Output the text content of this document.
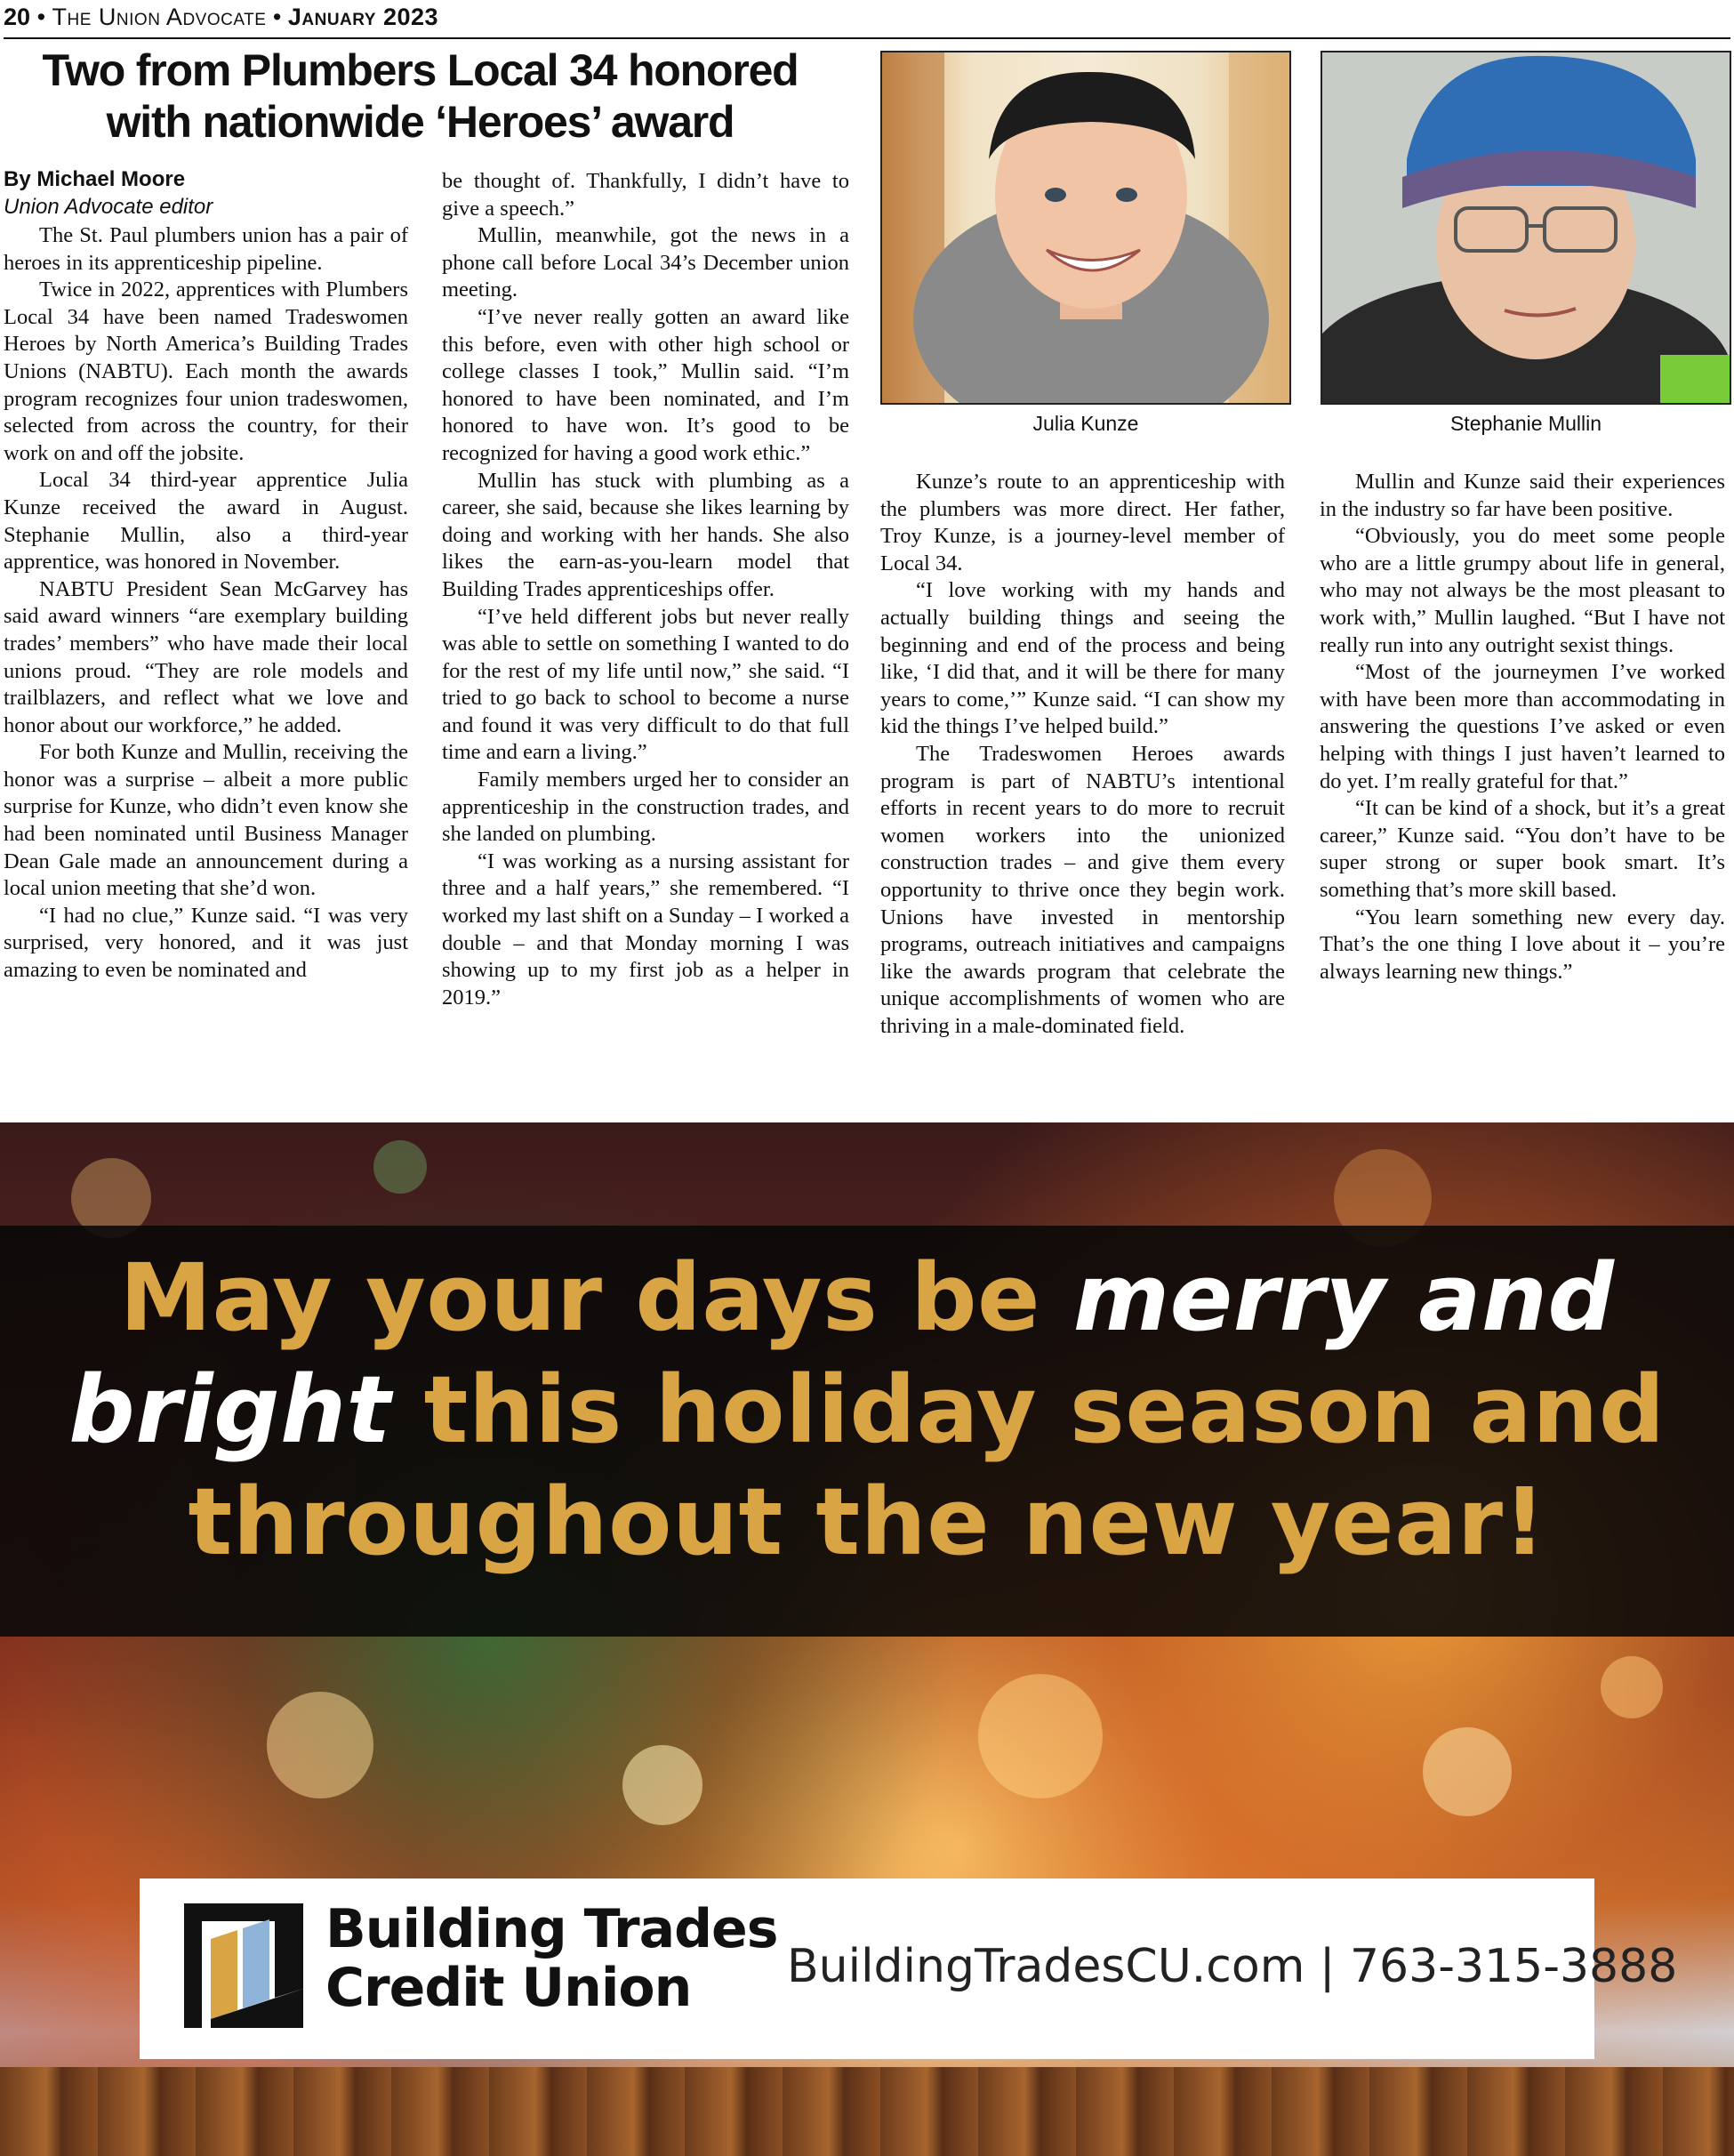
20 • The Union Advocate • January 2023
Two from Plumbers Local 34 honored
with nationwide ‘Heroes’ award
By Michael Moore
Union Advocate editor

The St. Paul plumbers union has a pair of heroes in its apprenticeship pipeline.

Twice in 2022, apprentices with Plumbers Local 34 have been named Tradeswomen Heroes by North America’s Building Trades Unions (NABTU). Each month the awards program recognizes four union tradeswomen, selected from across the country, for their work on and off the jobsite.

Local 34 third-year apprentice Julia Kunze received the award in August. Stephanie Mullin, also a third-year apprentice, was honored in November.

NABTU President Sean McGarvey has said award winners “are exemplary building trades’ members” who have made their local unions proud. “They are role models and trailblazers, and reflect what we love and honor about our workforce,” he added.

For both Kunze and Mullin, receiving the honor was a surprise – albeit a more public surprise for Kunze, who didn’t even know she had been nominated until Business Manager Dean Gale made an announcement during a local union meeting that she’d won.

“I had no clue,” Kunze said. “I was very surprised, very honored, and it was just amazing to even be nominated and

be thought of. Thankfully, I didn’t have to give a speech.”

Mullin, meanwhile, got the news in a phone call before Local 34’s December union meeting.

“I’ve never really gotten an award like this before, even with other high school or college classes I took,” Mullin said. “I’m honored to have been nominated, and I’m honored to have won. It’s good to be recognized for having a good work ethic.”

Mullin has stuck with plumbing as a career, she said, because she likes learning by doing and working with her hands. She also likes the earn-as-you-learn model that Building Trades apprenticeships offer.

“I’ve held different jobs but never really was able to settle on something I wanted to do for the rest of my life until now,” she said. “I tried to go back to school to become a nurse and found it was very difficult to do that full time and earn a living.”

Family members urged her to consider an apprenticeship in the construction trades, and she landed on plumbing.

“I was working as a nursing assistant for three and a half years,” she remembered. “I worked my last shift on a Sunday – I worked a double – and that Monday morning I was showing up to my first job as a helper in 2019.”

Julia Kunze	Stephanie Mullin

Kunze’s route to an apprenticeship with the plumbers was more direct. Her father, Troy Kunze, is a journey-level member of Local 34.

“I love working with my hands and actually building things and seeing the beginning and end of the process and being like, ‘I did that, and it will be there for many years to come,’” Kunze said. “I can show my kid the things I’ve helped build.”

The Tradeswomen Heroes awards program is part of NABTU’s intentional efforts in recent years to do more to recruit women workers into the unionized construction trades – and give them every opportunity to thrive once they begin work. Unions have invested in mentorship programs, outreach initiatives and campaigns like the awards program that celebrate the unique accomplishments of women who are thriving in a male-dominated field.

Mullin and Kunze said their experiences in the industry so far have been positive.

“Obviously, you do meet some people who are a little grumpy about life in general, who may not always be the most pleasant to work with,” Mullin laughed. “But I have not really run into any outright sexist things.

“Most of the journeymen I’ve worked with have been more than accommodating in answering the questions I’ve asked or even helping with things I just haven’t learned to do yet. I’m really grateful for that.”

“It can be kind of a shock, but it’s a great career,” Kunze said. “You don’t have to be super strong or super book smart. It’s something that’s more skill based.

“You learn something new every day. That’s the one thing I love about it – you’re always learning new things.”

May your days be merry and
bright this holiday season and
throughout the new year!
Building Trades
Credit Union	BuildingTradesCU.com | 763-315-3888
